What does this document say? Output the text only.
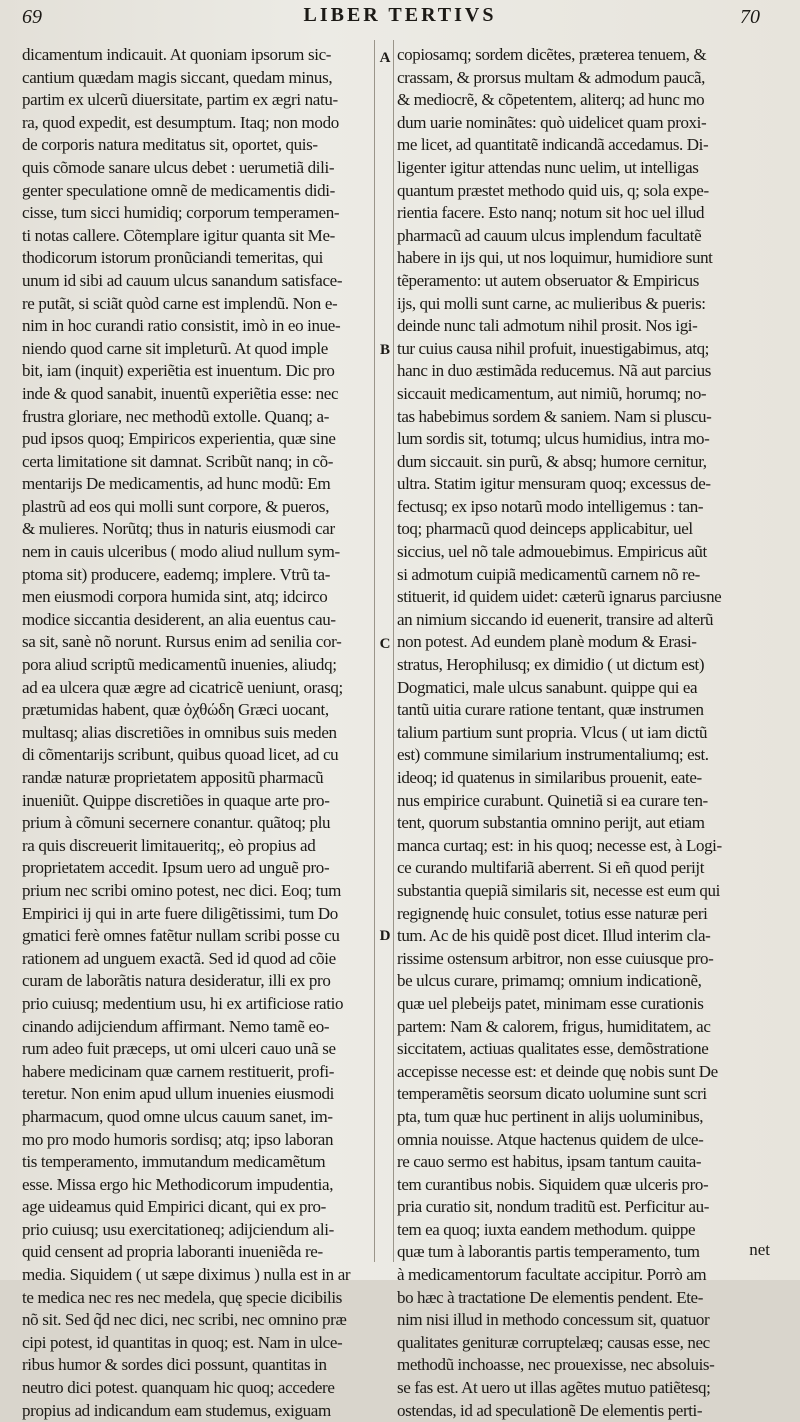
69	LIBER TERTIVS	70
A
B
C
D
dicamentum indicauit. At quoniam ipsorum sic-
cantium quædam magis siccant, quedam minus,
partim ex ulcerũ diuersitate, partim ex ægri natu-
ra, quod expedit, est desumptum. Itaq; non modo
de corporis natura meditatus sit, oportet, quis-
quis cõmode sanare ulcus debet : uerumetiã dili-
genter speculatione omnẽ de medicamentis didi-
cisse, tum sicci humidiq; corporum temperamen-
ti notas callere. Cõtemplare igitur quanta sit Me-
thodicorum istorum pronũciandi temeritas, qui
unum id sibi ad cauum ulcus sanandum satisface-
re putãt, si sciãt quòd carne est implendũ. Non e-
nim in hoc curandi ratio consistit, imò in eo inue-
niendo quod carne sit impleturũ. At quod imple
bit, iam (inquit) experiẽtia est inuentum. Dic pro
inde & quod sanabit, inuentũ experiẽtia esse: nec
frustra gloriare, nec methodũ extolle. Quanq; a-
pud ipsos quoq; Empiricos experientia, quæ sine
certa limitatione sit damnat. Scribũt nanq; in cõ-
mentarijs De medicamentis, ad hunc modũ: Em
plastrũ ad eos qui molli sunt corpore, & pueros,
& mulieres. Norũtq; thus in naturis eiusmodi car
nem in cauis ulceribus ( modo aliud nullum sym-
ptoma sit) producere, eademq; implere. Vtrũ ta-
men eiusmodi corpora humida sint, atq; idcirco
modice siccantia desiderent, an alia euentus cau-
sa sit, sanè nõ norunt. Rursus enim ad senilia cor-
pora aliud scriptũ medicamentũ inuenies, aliudq;
ad ea ulcera quæ ægre ad cicatricẽ ueniunt, orasq;
prætumidas habent, quæ ὀχθώδη Græci uocant,
multasq; alias discretiões in omnibus suis meden
di cõmentarijs scribunt, quibus quoad licet, ad cu
randæ naturæ proprietatem appositũ pharmacũ
inueniũt. Quippe discretiões in quaque arte pro-
prium à cõmuni secernere conantur. quãtoq; plu
ra quis discreuerit limitaueritq;, eò propius ad
proprietatem accedit. Ipsum uero ad unguẽ pro-
prium nec scribi omino potest, nec dici. Eoq; tum
Empirici ij qui in arte fuere diligẽtissimi, tum Do
gmatici ferè omnes fatẽtur nullam scribi posse cu
rationem ad unguem exactã. Sed id quod ad cõie
curam de laborãtis natura desideratur, illi ex pro
prio cuiusq; medentium usu, hi ex artificiose ratio
cinando adijciendum affirmant. Nemo tamẽ eo-
rum adeo fuit præceps, ut omi ulceri cauo unã se
habere medicinam quæ carnem restituerit, profi-
teretur. Non enim apud ullum inuenies eiusmodi
pharmacum, quod omne ulcus cauum sanet, im-
mo pro modo humoris sordisq; atq; ipso laboran
tis temperamento, immutandum medicamẽtum
esse. Missa ergo hic Methodicorum impudentia,
age uideamus quid Empirici dicant, qui ex pro-
prio cuiusq; usu exercitationeq; adijciendum ali-
quid censent ad propria laboranti inueniẽda re-
media. Siquidem ( ut sæpe diximus ) nulla est in ar
te medica nec res nec medela, quę specie dicibilis
nõ sit. Sed q̃d nec dici, nec scribi, nec omnino præ
cipi potest, id quantitas in quoq; est. Nam in ulce-
ribus humor & sordes dici possunt, quantitas in
neutro dici potest. quanquam hic quoq; accedere
propius ad indicandum eam studemus, exiguam
copiosamq; sordem dicẽtes, præterea tenuem, &
crassam, & prorsus multam & admodum paucã,
& mediocrẽ, & cõpetentem, aliterq; ad hunc mo
dum uarie nominãtes: quò uidelicet quam proxi-
me licet, ad quantitatẽ indicandã accedamus. Di-
ligenter igitur attendas nunc uelim, ut intelligas
quantum præstet methodo quid uis, q; sola expe-
rientia facere. Esto nanq; notum sit hoc uel illud
pharmacũ ad cauum ulcus implendum facultatẽ
habere in ijs qui, ut nos loquimur, humidiore sunt
tẽperamento: ut autem obseruator & Empiricus
ijs, qui molli sunt carne, ac mulieribus & pueris:
deinde nunc tali admotum nihil prosit. Nos igi-
tur cuius causa nihil profuit, inuestigabimus, atq;
hanc in duo æstimãda reducemus. Nã aut parcius
siccauit medicamentum, aut nimiũ, horumq; no-
tas habebimus sordem & saniem. Nam si pluscu-
lum sordis sit, totumq; ulcus humidius, intra mo-
dum siccauit. sin purũ, & absq; humore cernitur,
ultra. Statim igitur mensuram quoq; excessus de-
fectusq; ex ipso notarũ modo intelligemus : tan-
toq; pharmacũ quod deinceps applicabitur, uel
siccius, uel nõ tale admouebimus. Empiricus aũt
si admotum cuipiã medicamentũ carnem nõ re-
stituerit, id quidem uidet: cæterũ ignarus parciusne
an nimium siccando id euenerit, transire ad alterũ
non potest. Ad eundem planè modum & Erasi-
stratus, Herophilusq; ex dimidio ( ut dictum est)
Dogmatici, male ulcus sanabunt. quippe qui ea
tantũ uitia curare ratione tentant, quæ instrumen
talium partium sunt propria. Vlcus ( ut iam dictũ
est) commune similarium instrumentaliumq; est.
ideoq; id quatenus in similaribus prouenit, eate-
nus empirice curabunt. Quinetiã si ea curare ten-
tent, quorum substantia omnino perijt, aut etiam
manca curtaq; est: in his quoq; necesse est, à Logi-
ce curando multifariã aberrent. Si eñ quod perijt
substantia quepiã similaris sit, necesse est eum qui
regignendę huic consulet, totius esse naturæ peri
tum. Ac de his quidẽ post dicet. Illud interim cla-
rissime ostensum arbitror, non esse cuiusque pro-
be ulcus curare, primamq; omnium indicationẽ,
quæ uel plebeijs patet, minimam esse curationis
partem: Nam & calorem, frigus, humiditatem, ac
siccitatem, actiuas qualitates esse, demõstratione
accepisse necesse est: et deinde quę nobis sunt De
temperamẽtis seorsum dicato uolumine sunt scri
pta, tum quæ huc pertinent in alijs uoluminibus,
omnia nouisse. Atque hactenus quidem de ulce-
re cauo sermo est habitus, ipsam tantum cauita-
tem curantibus nobis. Siquidem quæ ulceris pro-
pria curatio sit, nondum traditũ est. Perficitur au-
tem ea quoq; iuxta eandem methodum. quippe
quæ tum à laborantis partis temperamento, tum
à medicamentorum facultate accipitur. Porrò am
bo hæc à tractatione De elementis pendent. Ete-
nim nisi illud in methodo concessum sit, quatuor
qualitates genituræ corruptelæq; causas esse, nec
methodũ inchoasse, nec prouexisse, nec absoluis-
se fas est. At uero ut illas agẽtes mutuo patiẽtesq;
ostendas, id ad speculationẽ De elementis perti-
net
